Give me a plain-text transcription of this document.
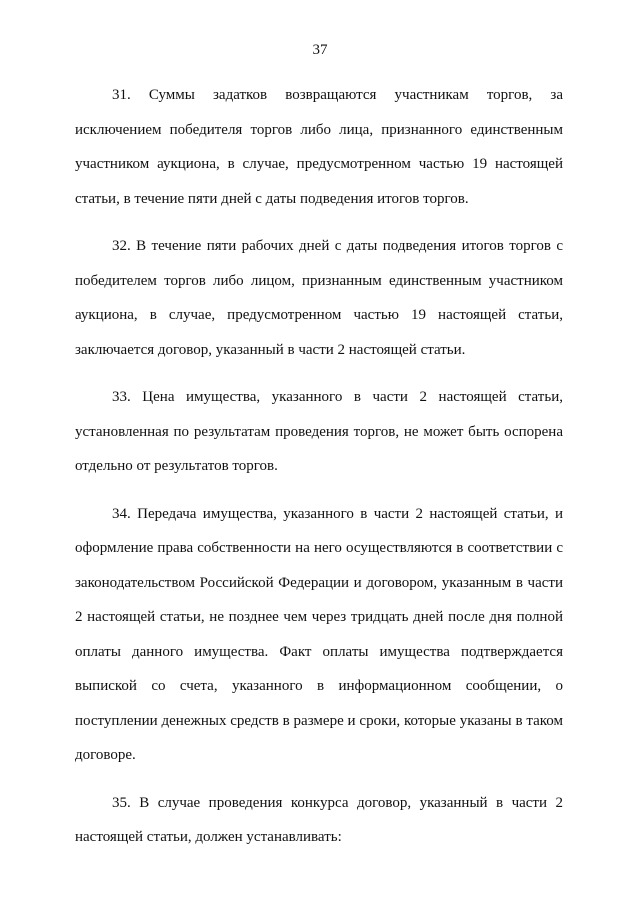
37

31. Суммы задатков возвращаются участникам торгов, за исключением победителя торгов либо лица, признанного единственным участником аукциона, в случае, предусмотренном частью 19 настоящей статьи, в течение пяти дней с даты подведения итогов торгов.

32. В течение пяти рабочих дней с даты подведения итогов торгов с победителем торгов либо лицом, признанным единственным участником аукциона, в случае, предусмотренном частью 19 настоящей статьи, заключается договор, указанный в части 2 настоящей статьи.

33. Цена имущества, указанного в части 2 настоящей статьи, установленная по результатам проведения торгов, не может быть оспорена отдельно от результатов торгов.

34. Передача имущества, указанного в части 2 настоящей статьи, и оформление права собственности на него осуществляются в соответствии с законодательством Российской Федерации и договором, указанным в части 2 настоящей статьи, не позднее чем через тридцать дней после дня полной оплаты данного имущества. Факт оплаты имущества подтверждается выпиской со счета, указанного в информационном сообщении, о поступлении денежных средств в размере и сроки, которые указаны в таком договоре.

35. В случае проведения конкурса договор, указанный в части 2 настоящей статьи, должен устанавливать:
